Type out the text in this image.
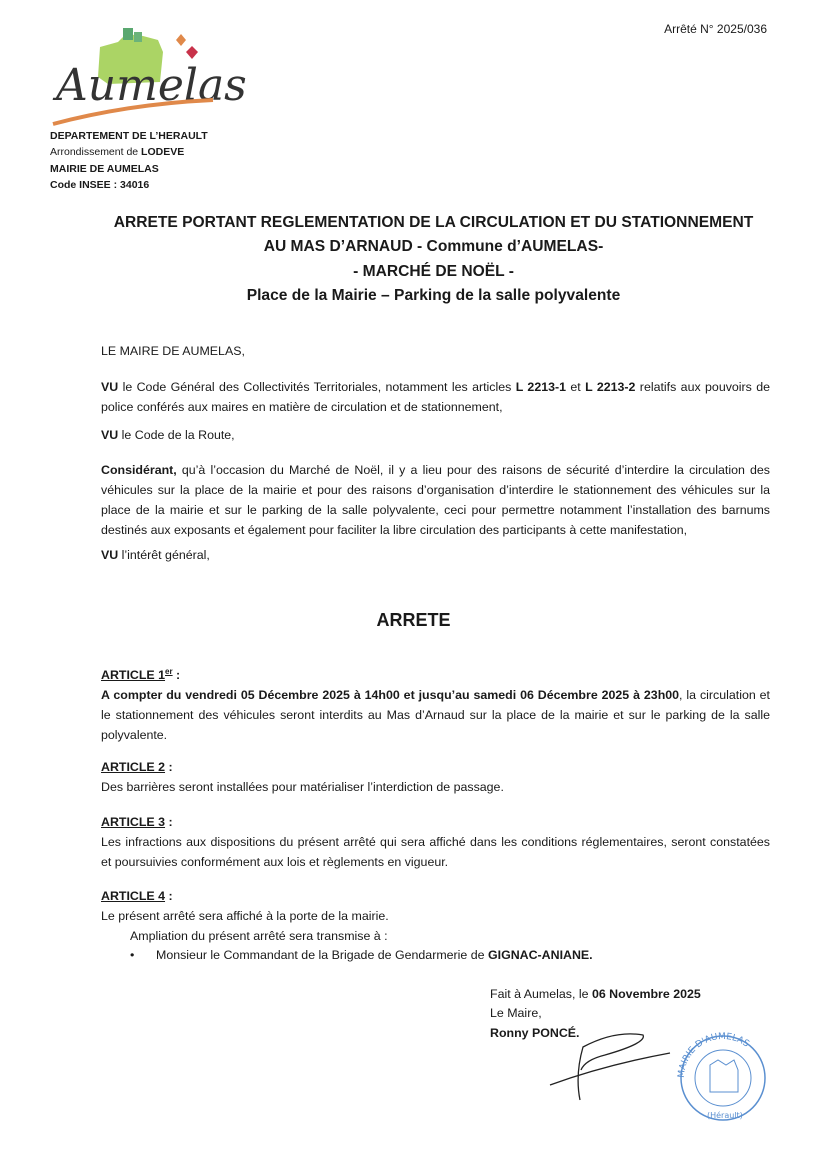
Arrêté N° 2025/036
Aumelas
DEPARTEMENT DE L’HERAULT
Arrondissement de LODEVE
MAIRIE DE AUMELAS
Code INSEE : 34016
ARRETE PORTANT REGLEMENTATION DE LA CIRCULATION ET DU STATIONNEMENT
AU MAS D’ARNAUD - Commune d’AUMELAS-
- MARCHÉ DE NOËL -
Place de la Mairie – Parking de la salle polyvalente

LE MAIRE DE AUMELAS,

VU le Code Général des Collectivités Territoriales, notamment les articles L 2213-1 et L 2213-2 relatifs aux pouvoirs de police conférés aux maires en matière de circulation et de stationnement,

VU le Code de la Route,

Considérant, qu’à l’occasion du Marché de Noël, il y a lieu pour des raisons de sécurité d’interdire la circulation des véhicules sur la place de la mairie et pour des raisons d’organisation d’interdire le stationnement des véhicules sur la place de la mairie et sur le parking de la salle polyvalente, ceci pour permettre notamment l’installation des barnums destinés aux exposants et également pour faciliter la libre circulation des participants à cette manifestation,

VU l’intérêt général,

ARRETE

ARTICLE 1er :

A compter du vendredi 05 Décembre 2025 à 14h00 et jusqu’au samedi 06 Décembre 2025 à 23h00, la circulation et le stationnement des véhicules seront interdits au Mas d’Arnaud sur la place de la mairie et sur le parking de la salle polyvalente.

ARTICLE 2 :

Des barrières seront installées pour matérialiser l’interdiction de passage.

ARTICLE 3 :

Les infractions aux dispositions du présent arrêté qui sera affiché dans les conditions réglementaires, seront constatées et poursuivies conformément aux lois et règlements en vigueur.

ARTICLE 4 :

Le présent arrêté sera affiché à la porte de la mairie.

Ampliation du présent arrêté sera transmise à :

• Monsieur le Commandant de la Brigade de Gendarmerie de GIGNAC-ANIANE.

Fait à Aumelas, le 06 Novembre 2025
Le Maire,
Ronny PONCÉ.
MAIRIE D'AUMELAS
(Hérault)
